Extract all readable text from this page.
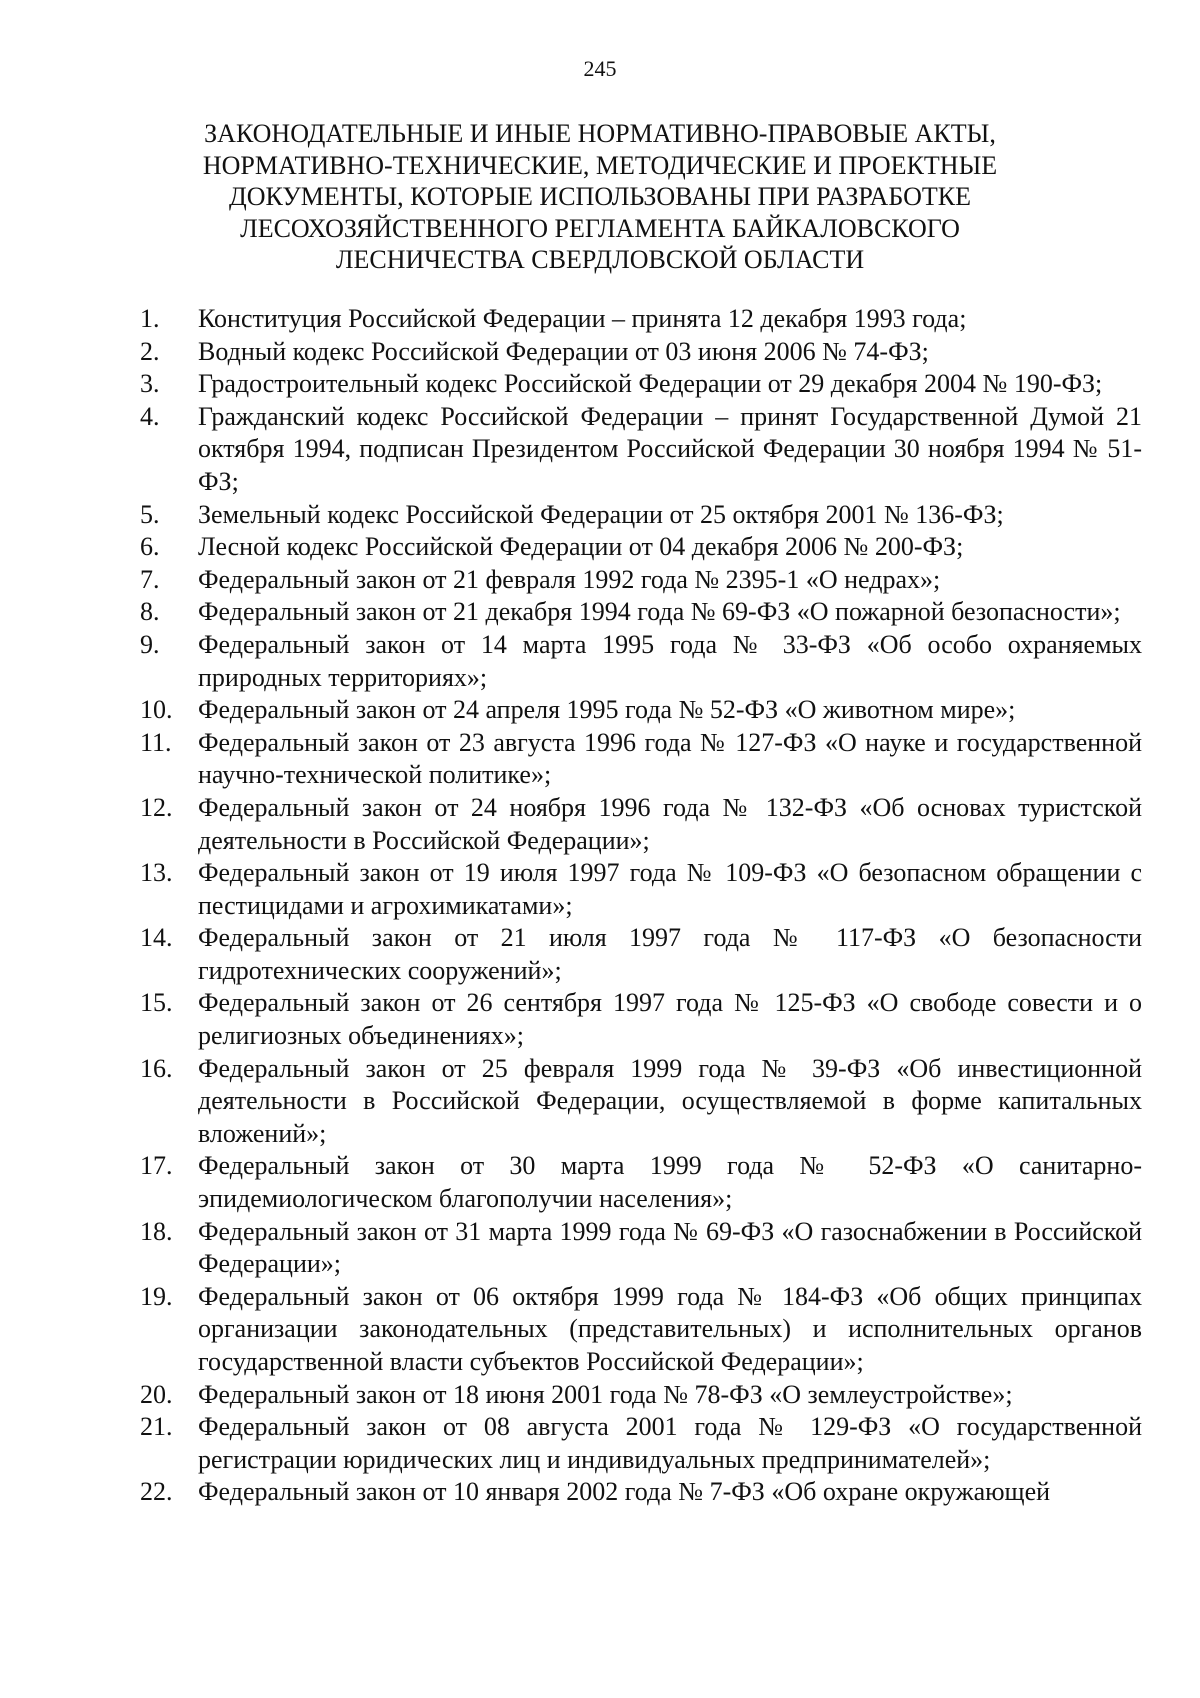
245
ЗАКОНОДАТЕЛЬНЫЕ И ИНЫЕ НОРМАТИВНО-ПРАВОВЫЕ АКТЫ,
НОРМАТИВНО-ТЕХНИЧЕСКИЕ, МЕТОДИЧЕСКИЕ И ПРОЕКТНЫЕ
ДОКУМЕНТЫ, КОТОРЫЕ ИСПОЛЬЗОВАНЫ ПРИ РАЗРАБОТКЕ
ЛЕСОХОЗЯЙСТВЕННОГО РЕГЛАМЕНТА БАЙКАЛОВСКОГО
ЛЕСНИЧЕСТВА СВЕРДЛОВСКОЙ ОБЛАСТИ
1.	Конституция Российской Федерации – принята 12 декабря 1993 года;
2.	Водный кодекс Российской Федерации от 03 июня 2006 № 74-ФЗ;
3.	Градостроительный кодекс Российской Федерации от 29 декабря 2004 № 190-ФЗ;
4.	Гражданский кодекс Российской Федерации – принят Государственной Думой 21 октября 1994, подписан Президентом Российской Федерации 30 ноября 1994 № 51-ФЗ;
5.	Земельный кодекс Российской Федерации от 25 октября 2001 № 136-ФЗ;
6.	Лесной кодекс Российской Федерации от 04 декабря 2006 № 200-ФЗ;
7.	Федеральный закон от 21 февраля 1992 года № 2395-1 «О недрах»;
8.	Федеральный закон от 21 декабря 1994 года № 69-ФЗ «О пожарной безопасности»;
9.	Федеральный закон от 14 марта 1995 года № 33-ФЗ «Об особо охраняемых природных территориях»;
10. Федеральный закон от 24 апреля 1995 года № 52-ФЗ «О животном мире»;
11.	Федеральный закон от 23 августа 1996 года № 127-ФЗ «О науке и государственной научно-технической политике»;
12. Федеральный закон от 24 ноября 1996 года № 132-ФЗ «Об основах туристской деятельности в Российской Федерации»;
13. Федеральный закон от 19 июля 1997 года № 109-ФЗ «О безопасном обращении с пестицидами и агрохимикатами»;
14. Федеральный закон от 21 июля 1997 года № 117-ФЗ «О безопасности гидротехнических сооружений»;
15. Федеральный закон от 26 сентября 1997 года № 125-ФЗ «О свободе совести и о религиозных объединениях»;
16. Федеральный закон от 25 февраля 1999 года № 39-ФЗ «Об инвестиционной деятельности в Российской Федерации, осуществляемой в форме капитальных вложений»;
17. Федеральный закон от 30 марта 1999 года № 52-ФЗ «О санитарно-эпидемиологическом благополучии населения»;
18. Федеральный закон от 31 марта 1999 года № 69-ФЗ «О газоснабжении в Российской Федерации»;
19. Федеральный закон от 06 октября 1999 года № 184-ФЗ «Об общих принципах организации законодательных (представительных) и исполнительных органов государственной власти субъектов Российской Федерации»;
20. Федеральный закон от 18 июня 2001 года № 78-ФЗ «О землеустройстве»;
21. Федеральный закон от 08 августа 2001 года № 129-ФЗ «О государственной регистрации юридических лиц и индивидуальных предпринимателей»;
22. Федеральный закон от 10 января 2002 года № 7-ФЗ «Об охране окружающей
